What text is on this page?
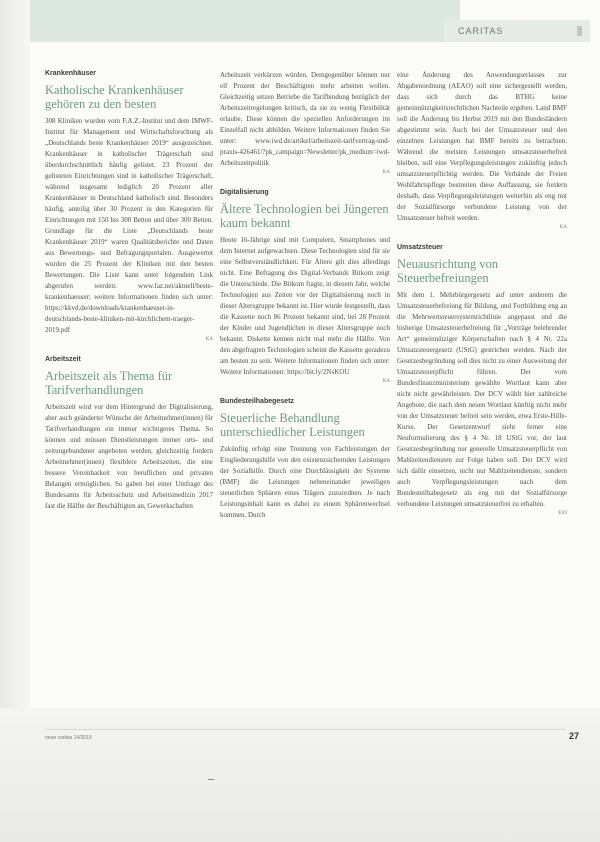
CARITAS
Krankenhäuser
Katholische Krankenhäuser gehören zu den besten

308 Kliniken wurden vom F.A.Z.-Institut und dem IMWF-Institut für Management und Wirtschaftsforschung als „Deutschlands beste Krankenhäuser 2019“ ausgezeichnet. Krankenhäuser in katholischer Trägerschaft sind überdurchschnittlich häufig gelistet. 23 Prozent der gelisteten Einrichtungen sind in katholischer Trägerschaft, während insgesamt lediglich 20 Prozent aller Krankenhäuser in Deutschland katholisch sind. Besonders häufig, anteilig über 30 Prozent in den Kategorien für Einrichtungen mit 150 bis 300 Betten und über 300 Betten. Grundlage für die Liste „Deutschlands beste Krankenhäuser 2019“ waren Qualitätsberichte und Daten aus Bewertungs- und Befragungsportalen. Ausgewertet wurden die 25 Prozent der Kliniken mit den besten Bewertungen. Die Liste kann unter folgendem Link abgerufen werden: www.faz.net/aktuell/beste-krankenhaeuser; weitere Informationen finden sich unter: https://kkvd.de/downloads/krankenhaeuser-in-deutschlands-beste-kliniken-mit-kirchlichem-traeger-2019.pdf

KA
Arbeitszeit
Arbeitszeit als Thema für Tarifverhandlungen

Arbeitszeit wird vor dem Hintergrund der Digitalisierung, aber auch geänderter Wünsche der Arbeitnehmer(innen) für Tarifverhandlungen ein immer wichtigeres Thema. So können und müssen Dienstleistungen immer orts- und zeitungebundener angeboten werden, gleichzeitig fordern Arbeitnehmer(innen) flexiblere Arbeitszeiten, die eine bessere Vereinbarkeit von beruflichen und privaten Belangen ermöglichen. So gaben bei einer Umfrage des Bundesamts für Arbeitsschutz und Arbeitsmedizin 2017 fast die Hälfte der Beschäftigten an, Gewerkschaften

Arbeitszeit verkürzen würden. Demgegenüber können nur elf Prozent der Beschäftigten mehr arbeiten wollen. Gleichzeitig setzen Betriebe die Tarifbindung bezüglich der Arbeitszeitregelungen kritisch, da sie zu wenig Flexibilität erlaube. Diese können die speziellen Anforderungen im Einzelfall nicht abbilden. Weitere Informationen finden Sie unter: www.iwd.de/artikel/arbeitszeit-tarifvertrag-und-praxis-426461/?pk_campaign=Newsletter/pk_medium=iwd-Arbeitszeitpolitik

KA
Digitalisierung
Ältere Technologien bei Jüngeren kaum bekannt

Heute 16-Jährige sind mit Computern, Smartphones und dem Internet aufgewachsen. Diese Technologien sind für sie eine Selbstverständlichkeit. Für Ältere gilt dies allerdings nicht. Eine Befragung des Digital-Verbands Bitkom zeigt die Unterschiede. Die Bitkom fragte, in diesem Jahr, welche Technologien aus Zeiten vor der Digitalisierung noch in dieser Altersgruppe bekannt ist. Hier wurde festgestellt, dass die Kassette noch 86 Prozent bekannt sind, bei 28 Prozent der Kinder und Jugendlichen in dieser Altersgruppe noch bekannt. Diskette kennen nicht mal mehr die Hälfte. Von den abgefragten Technologien scheint die Kassette geradezu am besten zu sein. Weitere Informationen finden sich unter: Weitere Informationen: https://bit.ly/2NsKOU

KA
Bundesteilhabegesetz
Steuerliche Behandlung unterschiedlicher Leistungen

Zukünftig erfolgt eine Trennung von Fachleistungen der Eingliederungshilfe von den existenzsichernden Leistungen der Sozialhilfe. Durch eine Durchlässigkeit der Systeme (BMF) die Leistungen nebeneinander jeweiligen steuerlichen Sphären eines Trägers zuzuordnen. Je nach Leistungsinhalt kann es dabei zu einem Sphärenwechsel kommen. Durch

eine Änderung des Anwendungserlasses zur Abgabenordnung (AEAO) soll eine sichergestellt werden, dass sich durch das BTHG keine gemeinnützigkeitsrechtlichen Nachteile ergeben. Land BMF soll die Änderung bis Herbst 2019 mit den Bundesländern abgestimmt sein. Auch bei der Umsatzsteuer und den einzelnen Leistungen hat BMF bereits zu betrachten. Während die meisten Leistungen umsatzsteuerbefreit bleiben, soll eine Verpflegungsleistungen zukünftig jedoch umsatzsteuerpflichtig werden. Die Verbände der Freien Wohlfahrtspflege bestreiten diese Auffassung, sie fordern deshalb, dass Verpflegungsleistungen weiterhin als eng mit der Sozialfürsorge verbundene Leistung von der Umsatzsteuer befreit werden.

KA
Umsatzsteuer
Neuausrichtung von Steuerbefreiungen

Mit dem 1. Mehrbürgergesetz auf unter anderem die Umsatzsteuerbefreiung für Bildung, und Fortbildung eng an die Mehrwertsteuersystemrichtlinie angepasst und die bisherige Umsatzsteuerbefreiung für „Vorträge belehrender Art“ gemeinnütziger Körperschaften nach § 4 Nr. 22a Umsatzsteuergesetz (UStG) gestrichen werden. Nach der Gesetzesbegründung soll dies nicht zu einer Ausweitung der Umsatzsteuerpflicht führen. Der vom Bundesfinanzministerium gewählte Wortlaut kann aber nicht nicht gewährleisten. Der DCV wählt hier zahlreiche Angebote, die nach dem neuen Wortlaut künftig nicht mehr von der Umsatzsteuer befreit sein werden, etwa Erste-Hilfe-Kurse. Der Gesetzentwurf sieht ferner eine Neuformulierung des § 4 Nr. 18 UStG vor, der laut Gesetzesbegründung nur generelle Umsatzsteuerpflicht von Mahlzeitendiensten zur Folge haben soll. Der DCV wird sich dafür einsetzen, nicht nur Mahlzeitendienste, sondern auch Verpflegungsleistungen nach dem Bundesteilhabegesetz als eng mit der Sozialfürsorge verbundene Leistungen umsatzsteuerfrei zu erhalten.

EJO
neue caritas 14/2019	27
